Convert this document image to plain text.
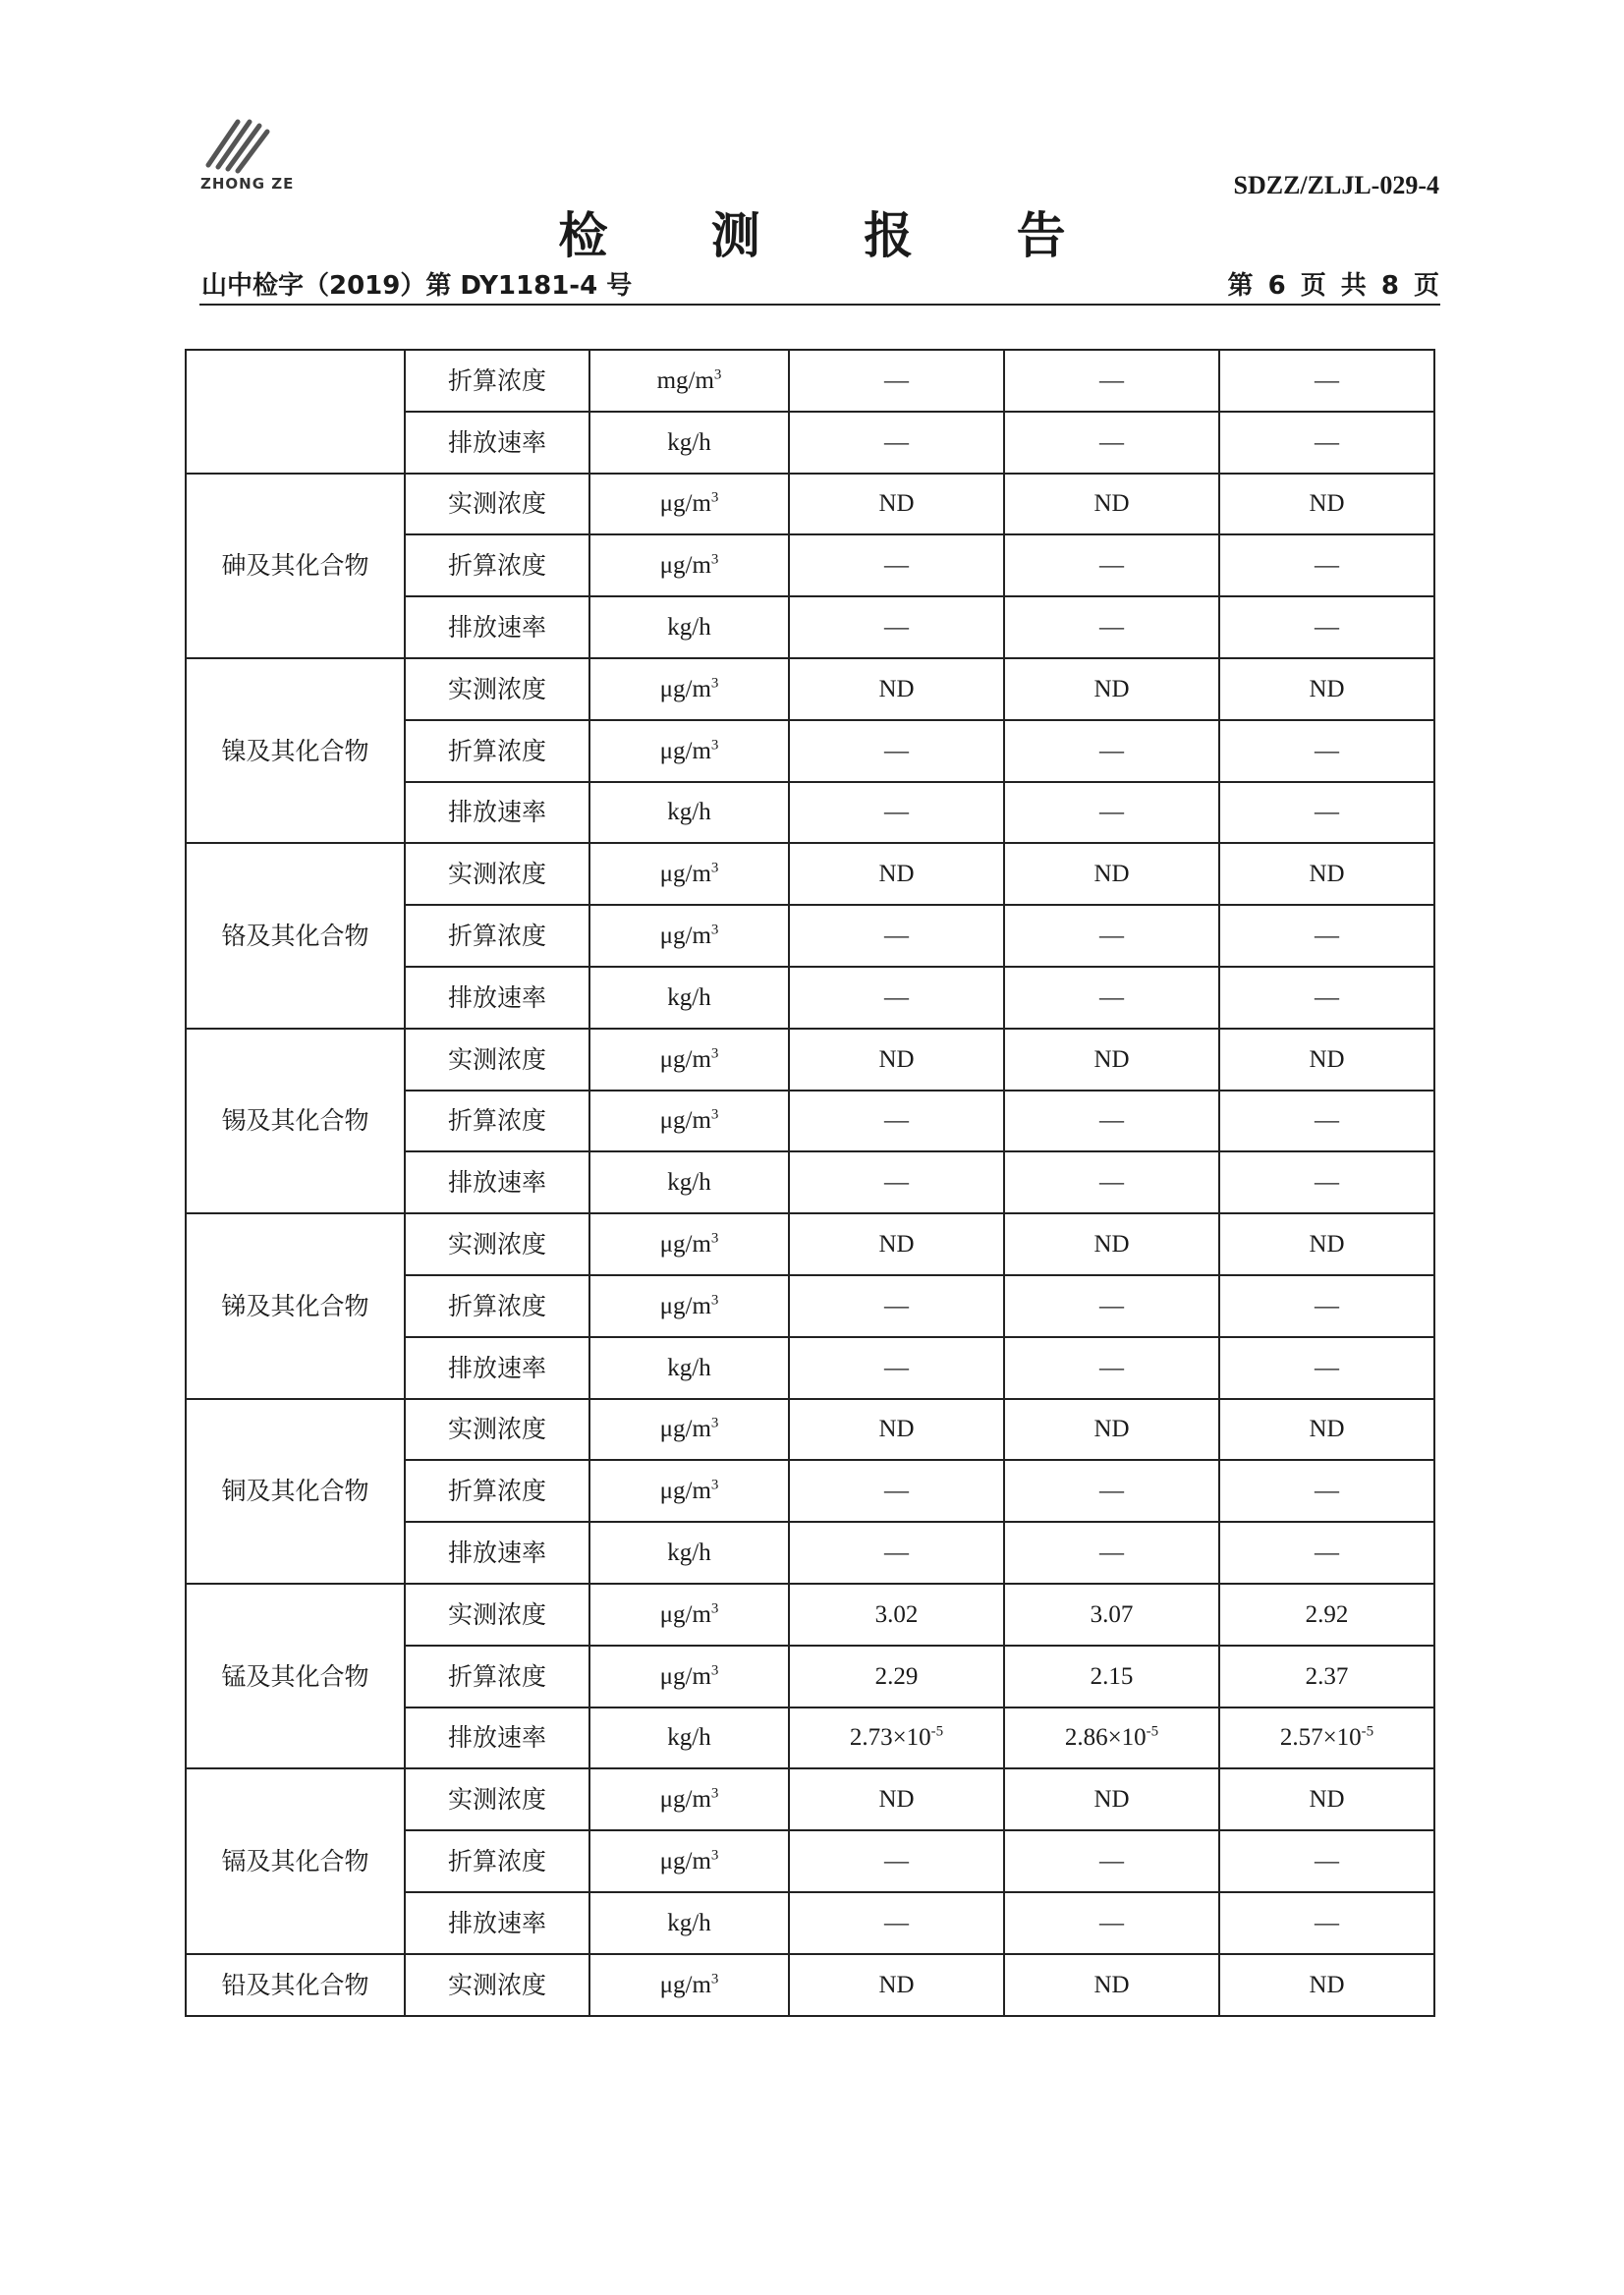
ZHONG ZE	SDZZ/ZLJL-029-4
检 测 报 告
山中检字（2019）第 DY1181-4 号	第 6 页 共 8 页
	折算浓度	$mg/m^3$	—	—	—
	排放速率	kg/h	—	—	—
砷及其化合物	实测浓度	$\mu g/m^3$	ND	ND	ND
	折算浓度	$\mu g/m^3$	—	—	—
	排放速率	kg/h	—	—	—
镍及其化合物	实测浓度	$\mu g/m^3$	ND	ND	ND
	折算浓度	$\mu g/m^3$	—	—	—
	排放速率	kg/h	—	—	—
铬及其化合物	实测浓度	$\mu g/m^3$	ND	ND	ND
	折算浓度	$\mu g/m^3$	—	—	—
	排放速率	kg/h	—	—	—
锡及其化合物	实测浓度	$\mu g/m^3$	ND	ND	ND
	折算浓度	$\mu g/m^3$	—	—	—
	排放速率	kg/h	—	—	—
锑及其化合物	实测浓度	$\mu g/m^3$	ND	ND	ND
	折算浓度	$\mu g/m^3$	—	—	—
	排放速率	kg/h	—	—	—
铜及其化合物	实测浓度	$\mu g/m^3$	ND	ND	ND
	折算浓度	$\mu g/m^3$	—	—	—
	排放速率	kg/h	—	—	—
锰及其化合物	实测浓度	$\mu g/m^3$	3.02	3.07	2.92
	折算浓度	$\mu g/m^3$	2.29	2.15	2.37
	排放速率	kg/h	$2.73\times 10^{-5}$	$2.86\times 10^{-5}$	$2.57\times 10^{-5}$
镉及其化合物	实测浓度	$\mu g/m^3$	ND	ND	ND
	折算浓度	$\mu g/m^3$	—	—	—
	排放速率	kg/h	—	—	—
铅及其化合物	实测浓度	$\mu g/m^3$	ND	ND	ND
